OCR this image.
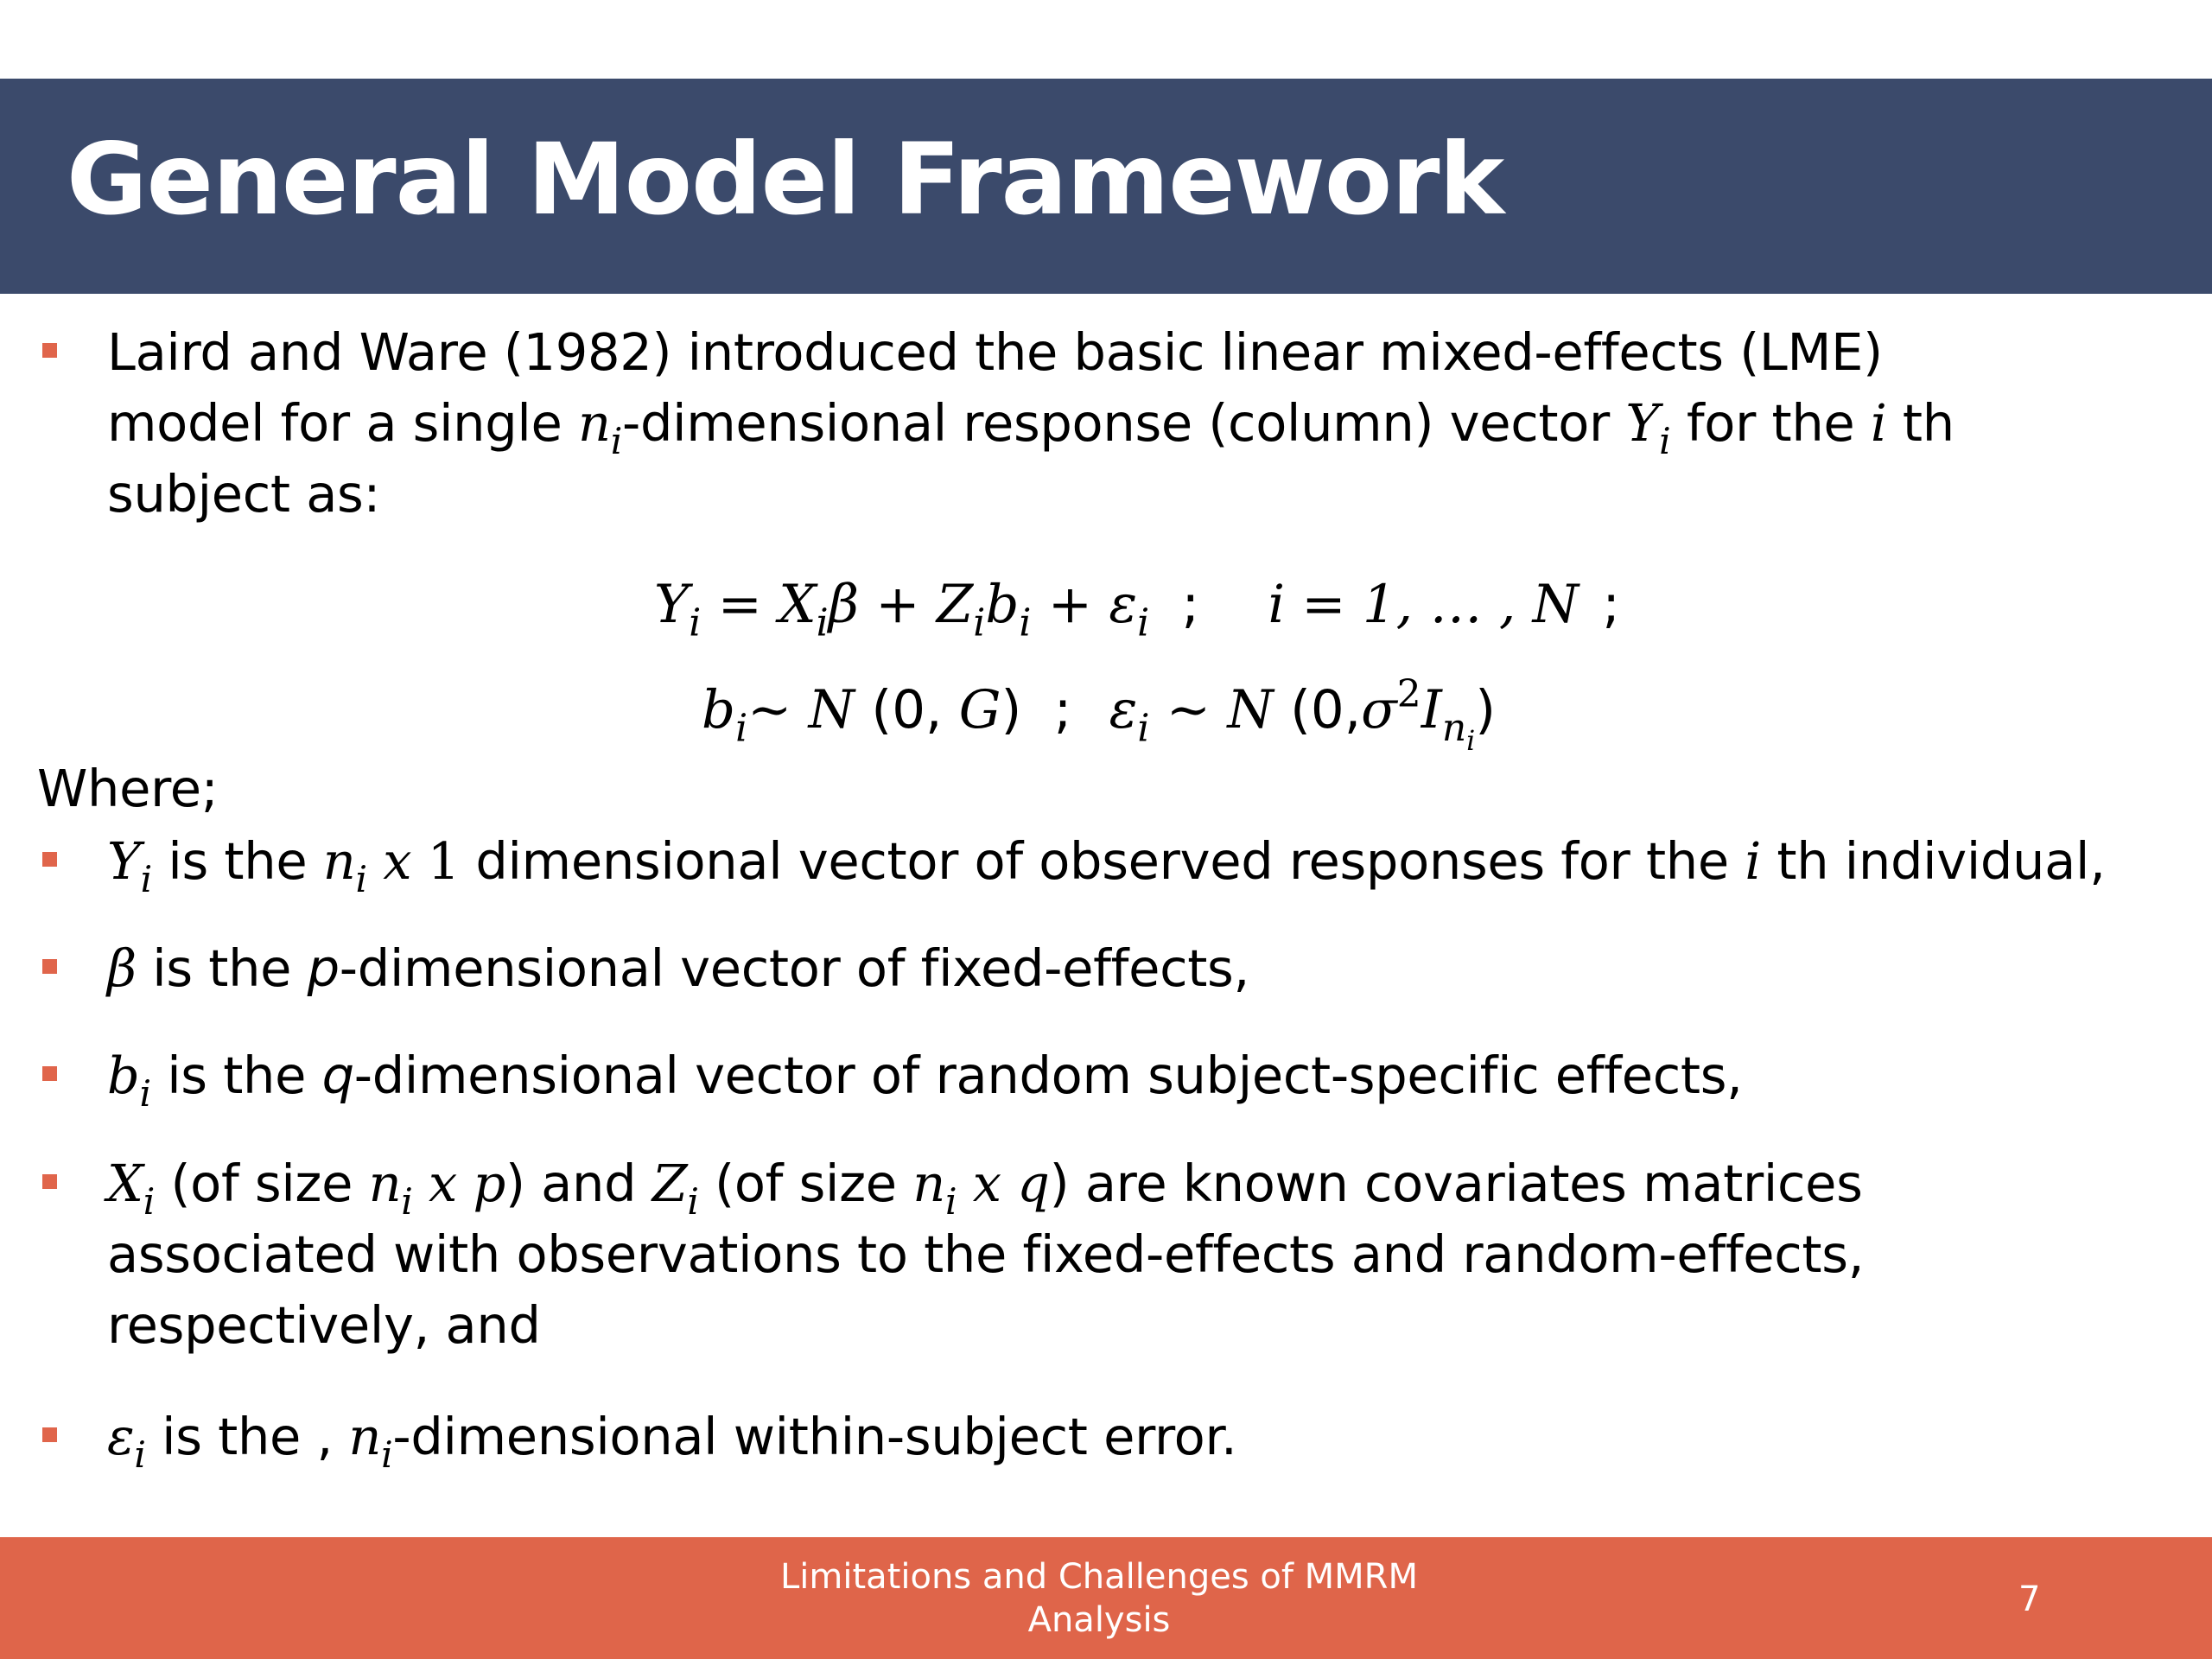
General Model Framework
Laird and Ware (1982) introduced the basic linear mixed-effects (LME)
model for a single $n_i$-dimensional response (column) vector $Y_i$ for the i th
subject as:
$Y_i = X_i\beta + Z_ib_i + \varepsilon_i$ ; i = 1, … , N ;
$b_i\sim$ N (0, G) ; $\varepsilon_i$ ~ N $(0,\sigma^2I_{n_i})$
Where;
$Y_i$ is the $n_i$ x 1 dimensional vector of observed responses for the i th individual,
β is the p-dimensional vector of fixed-effects,
$b_i$ is the q-dimensional vector of random subject-specific effects,
$X_i$ (of size $n_i$ x p) and $Z_i$ (of size $n_i$ x q) are known covariates matrices
associated with observations to the fixed-effects and random-effects,
respectively, and
$\varepsilon_i$ is the , $n_i$-dimensional within-subject error.
Limitations and Challenges of MMRM
Analysis
7
